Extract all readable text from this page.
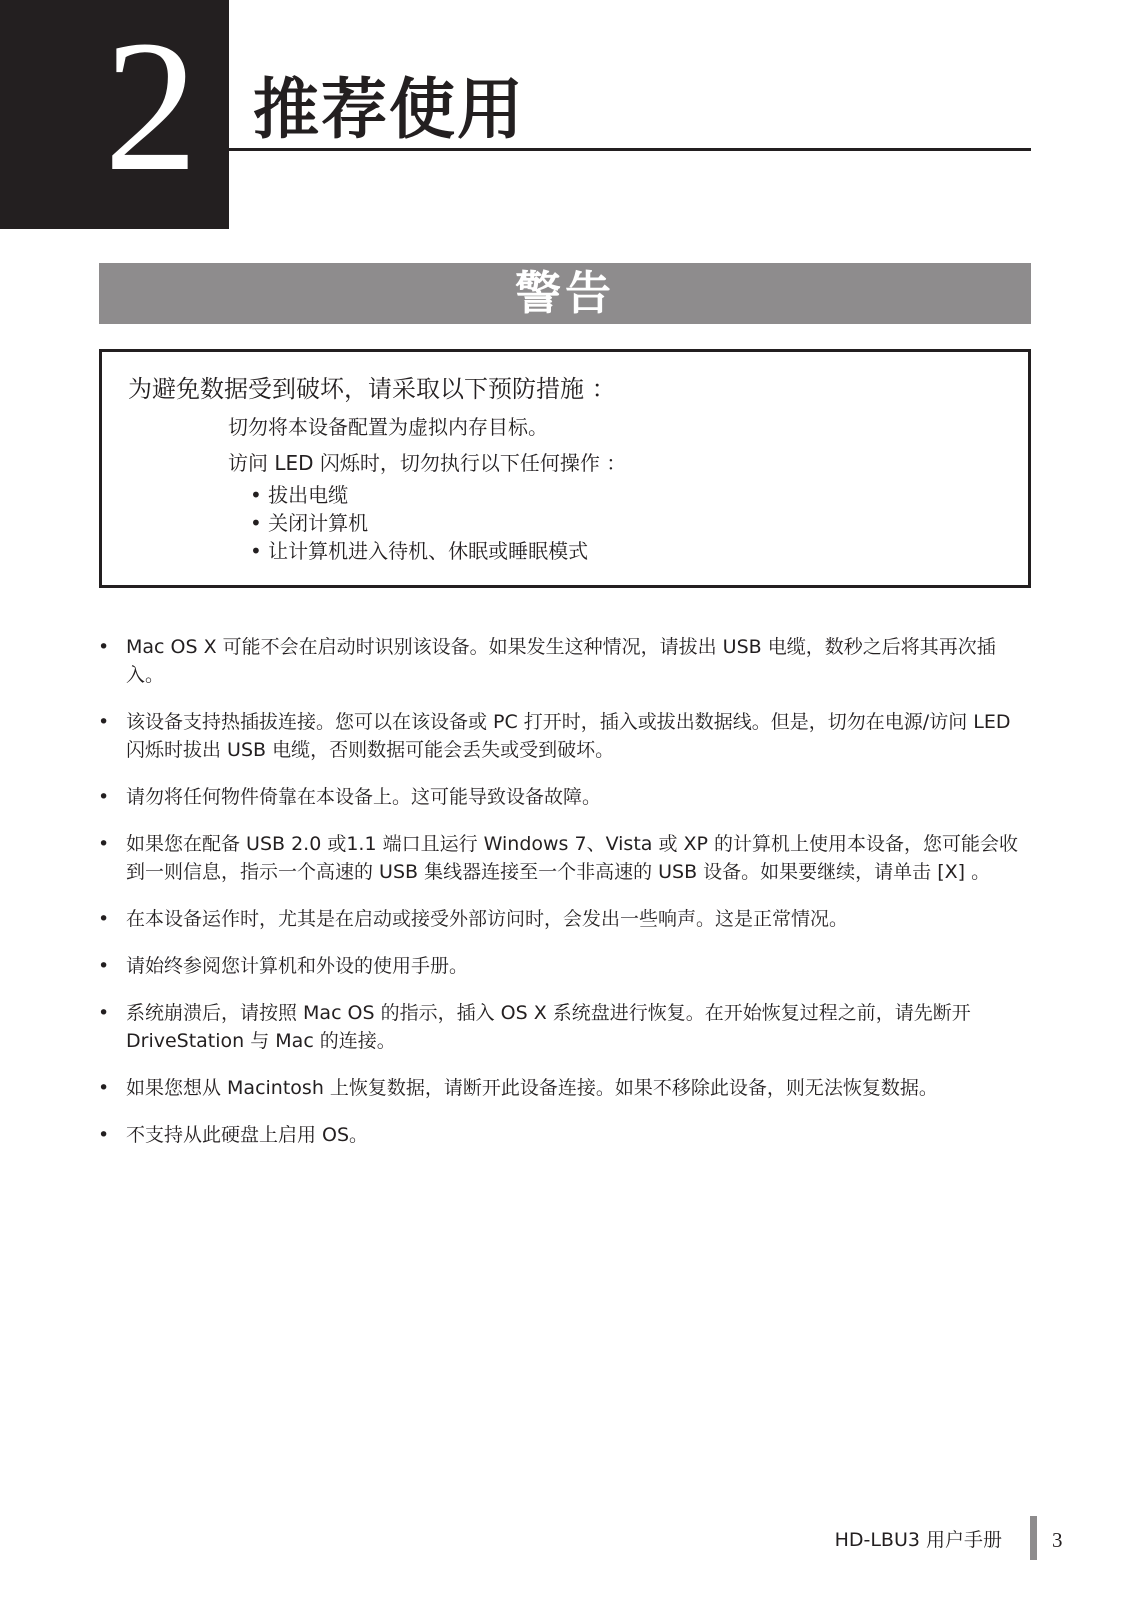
2 推荐使用
警告
为避免数据受到破坏，请采取以下预防措施 ：
切勿将本设备配置为虚拟内存目标。
访问 LED 闪烁时，切勿执行以下任何操作 ：
• 拔出电缆
• 关闭计算机
• 让计算机进入待机、休眠或睡眠模式
• Mac OS X 可能不会在启动时识别该设备。如果发生这种情况，请拔出 USB 电缆，数秒之后将其再次插入。
• 该设备支持热插拔连接。您可以在该设备或 PC 打开时，插入或拔出数据线。但是，切勿在电源/访问 LED 闪烁时拔出 USB 电缆，否则数据可能会丢失或受到破坏。
• 请勿将任何物件倚靠在本设备上。这可能导致设备故障。
• 如果您在配备 USB 2.0 或1.1 端口且运行 Windows 7、Vista 或 XP 的计算机上使用本设备，您可能会收到一则信息，指示一个高速的 USB 集线器连接至一个非高速的 USB 设备。如果要继续，请单击 [X] 。
• 在本设备运作时，尤其是在启动或接受外部访问时，会发出一些响声。这是正常情况。
• 请始终参阅您计算机和外设的使用手册。
• 系统崩溃后，请按照 Mac OS 的指示，插入 OS X 系统盘进行恢复。在开始恢复过程之前，请先断开 DriveStation 与 Mac 的连接。
• 如果您想从 Macintosh 上恢复数据，请断开此设备连接。如果不移除此设备，则无法恢复数据。
• 不支持从此硬盘上启用 OS。
HD-LBU3 用户手册 3
